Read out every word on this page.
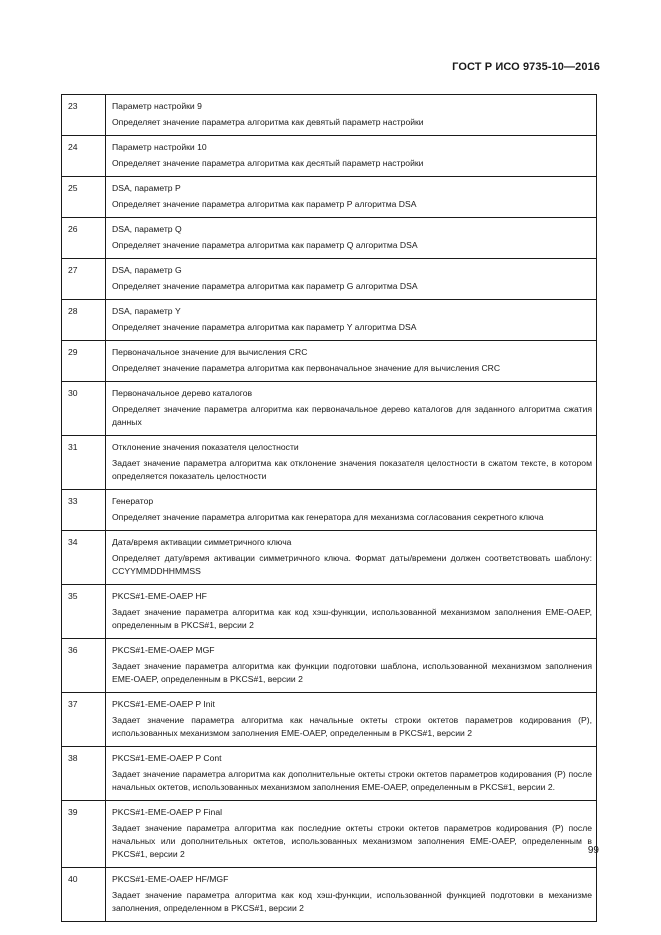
ГОСТ Р ИСО 9735-10—2016
23	Параметр настройки 9
Определяет значение параметра алгоритма как девятый параметр настройки

24	Параметр настройки 10
Определяет значение параметра алгоритма как десятый параметр настройки

25	DSA, параметр P
Определяет значение параметра алгоритма как параметр P алгоритма DSA

26	DSA, параметр Q
Определяет значение параметра алгоритма как параметр Q алгоритма DSA

27	DSA, параметр G
Определяет значение параметра алгоритма как параметр G алгоритма DSA

28	DSA, параметр Y
Определяет значение параметра алгоритма как параметр Y алгоритма DSA

29	Первоначальное значение для вычисления CRC
Определяет значение параметра алгоритма как первоначальное значение для вычисления CRC

30	Первоначальное дерево каталогов
Определяет значение параметра алгоритма как первоначальное дерево каталогов для заданного алгоритма сжатия данных

31	Отклонение значения показателя целостности
Задает значение параметра алгоритма как отклонение значения показателя целостности в сжатом тексте, в котором определяется показатель целостности

33	Генератор
Определяет значение параметра алгоритма как генератора для механизма согласования секретного ключа

34	Дата/время активации симметричного ключа
Определяет дату/время активации симметричного ключа. Формат даты/времени должен соответствовать шаблону: CCYYMMDDHHMMSS

35	PKCS#1-EME-OAEP HF
Задает значение параметра алгоритма как код хэш-функции, использованной механизмом заполнения EME-OAEP, определенным в PKCS#1, версии 2

36	PKCS#1-EME-OAEP MGF
Задает значение параметра алгоритма как функции подготовки шаблона, использованной механизмом заполнения EME-OAEP, определенным в PKCS#1, версии 2

37	PKCS#1-EME-OAEP P Init
Задает значение параметра алгоритма как начальные октеты строки октетов параметров кодирования (P), использованных механизмом заполнения EME-OAEP, определенным в PKCS#1, версии 2

38	PKCS#1-EME-OAEP P Cont
Задает значение параметра алгоритма как дополнительные октеты строки октетов параметров кодирования (P) после начальных октетов, использованных механизмом заполнения EME-OAEP, определенным в PKCS#1, версии 2.

39	PKCS#1-EME-OAEP P Final
Задает значение параметра алгоритма как последние октеты строки октетов параметров кодирования (P) после начальных или дополнительных октетов, использованных механизмом заполнения EME-OAEP, определенным в PKCS#1, версии 2

40	PKCS#1-EME-OAEP HF/MGF
Задает значение параметра алгоритма как код хэш-функции, использованной функцией подготовки в механизме заполнения, определенном в PKCS#1, версии 2
99
